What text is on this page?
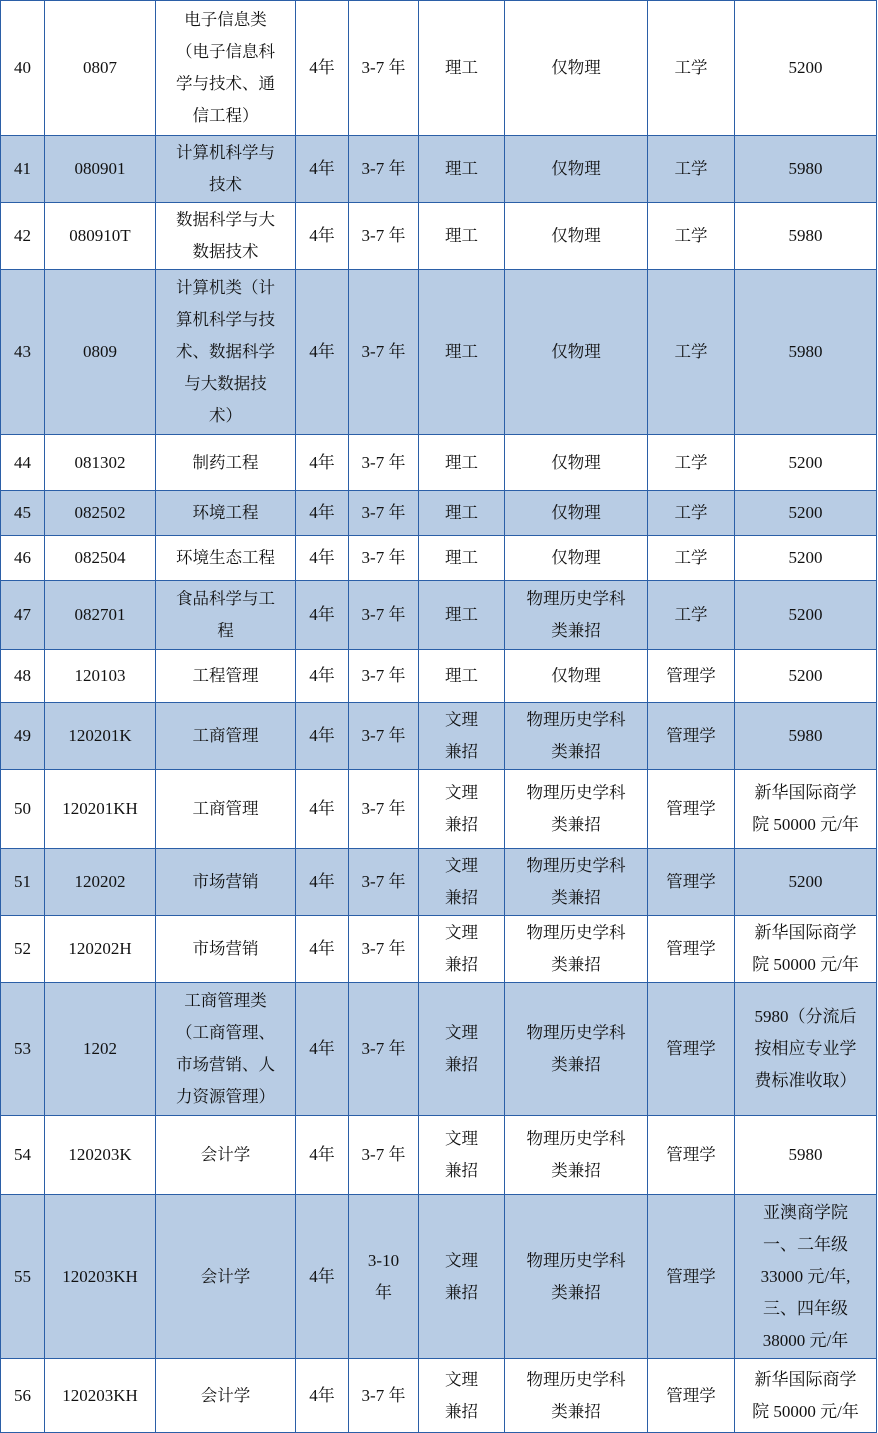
40	0807	电子信息类
（电子信息科
学与技术、通
信工程）	4年	3-7 年	理工	仅物理	工学	5200
41	080901	计算机科学与
技术	4年	3-7 年	理工	仅物理	工学	5980
42	080910T	数据科学与大
数据技术	4年	3-7 年	理工	仅物理	工学	5980
43	0809	计算机类（计
算机科学与技
术、数据科学
与大数据技
术）	4年	3-7 年	理工	仅物理	工学	5980
44	081302	制药工程	4年	3-7 年	理工	仅物理	工学	5200
45	082502	环境工程	4年	3-7 年	理工	仅物理	工学	5200
46	082504	环境生态工程	4年	3-7 年	理工	仅物理	工学	5200
47	082701	食品科学与工
程	4年	3-7 年	理工	物理历史学科
类兼招	工学	5200
48	120103	工程管理	4年	3-7 年	理工	仅物理	管理学	5200
49	120201K	工商管理	4年	3-7 年	文理
兼招	物理历史学科
类兼招	管理学	5980
50	120201KH	工商管理	4年	3-7 年	文理
兼招	物理历史学科
类兼招	管理学	新华国际商学
院 50000 元/年
51	120202	市场营销	4年	3-7 年	文理
兼招	物理历史学科
类兼招	管理学	5200
52	120202H	市场营销	4年	3-7 年	文理
兼招	物理历史学科
类兼招	管理学	新华国际商学
院 50000 元/年
53	1202	工商管理类
（工商管理、
市场营销、人
力资源管理）	4年	3-7 年	文理
兼招	物理历史学科
类兼招	管理学	5980（分流后
按相应专业学
费标准收取）
54	120203K	会计学	4年	3-7 年	文理
兼招	物理历史学科
类兼招	管理学	5980
55	120203KH	会计学	4年	3-10
年	文理
兼招	物理历史学科
类兼招	管理学	亚澳商学院
一、二年级
33000 元/年,
三、四年级
38000 元/年
56	120203KH	会计学	4年	3-7 年	文理
兼招	物理历史学科
类兼招	管理学	新华国际商学
院 50000 元/年
